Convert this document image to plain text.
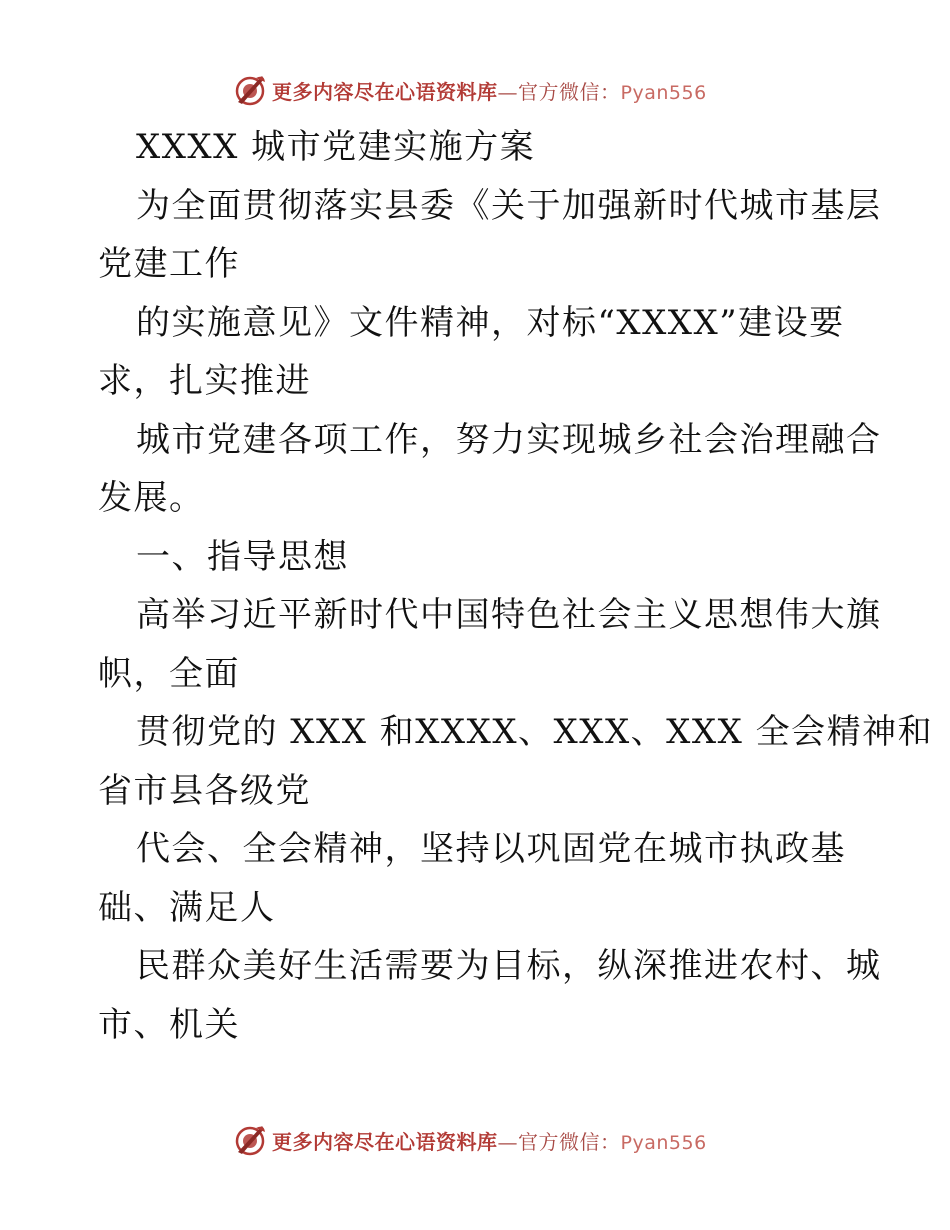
更多内容尽在心语资料库—官方微信：Pyan556
XXXX 城市党建实施方案
为全面贯彻落实县委《关于加强新时代城市基层
党建工作
的实施意见》文件精神，对标“XXXX”建设要
求，扎实推进
城市党建各项工作，努力实现城乡社会治理融合
发展。
一、指导思想
高举习近平新时代中国特色社会主义思想伟大旗
帜，全面
贯彻党的 XXX 和XXXX、XXX、XXX 全会精神和
省市县各级党
代会、全会精神，坚持以巩固党在城市执政基
础、满足人
民群众美好生活需要为目标，纵深推进农村、城
市、机关
更多内容尽在心语资料库—官方微信：Pyan556
